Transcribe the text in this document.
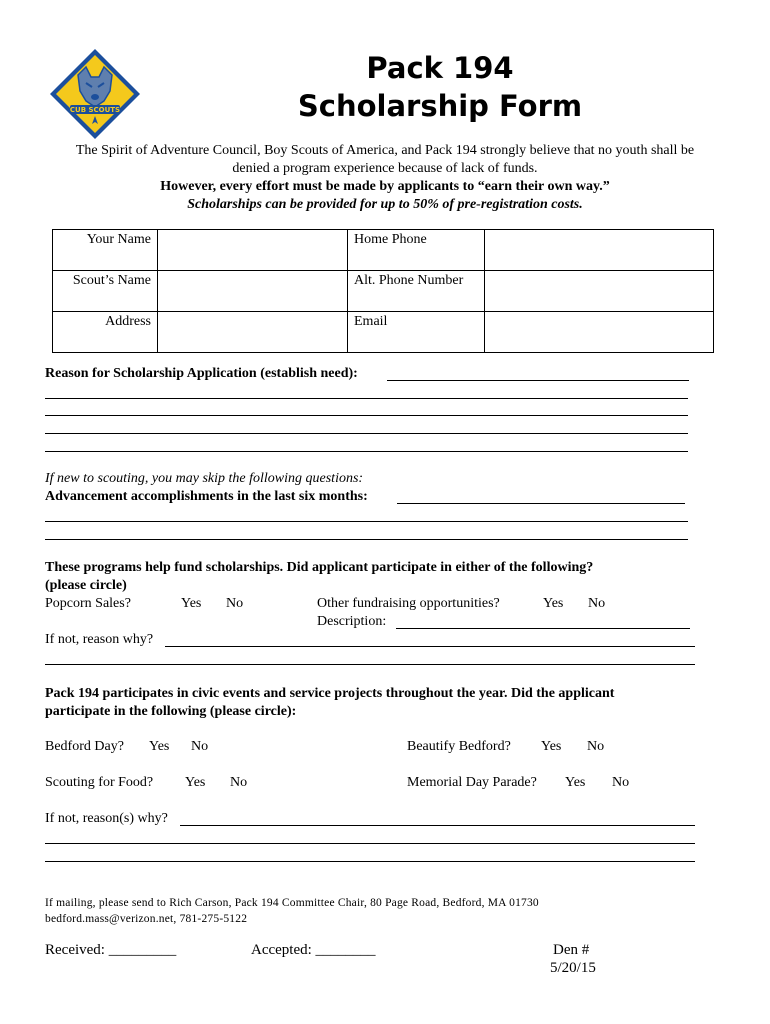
CUB SCOUTS
Pack 194
Scholarship Form
The Spirit of Adventure Council, Boy Scouts of America, and Pack 194 strongly believe that no youth shall be
denied a program experience because of lack of funds.
However, every effort must be made by applicants to “earn their own way.”
Scholarships can be provided for up to 50% of pre-registration costs.
Your Name		Home Phone	
Scout’s Name		Alt. Phone Number	
Address		Email	
Reason for Scholarship Application (establish need):
If new to scouting, you may skip the following questions:
Advancement accomplishments in the last six months:
These programs help fund scholarships. Did applicant participate in either of the following?
(please circle)
Popcorn Sales?	Yes No	Other fundraising opportunities?	Yes No
Description:
If not, reason why?
Pack 194 participates in civic events and service projects throughout the year. Did the applicant
participate in the following (please circle):
Bedford Day? Yes No	Beautify Bedford? Yes No
Scouting for Food? Yes No	Memorial Day Parade? Yes No
If not, reason(s) why?
If mailing, please send to Rich Carson, Pack 194 Committee Chair, 80 Page Road, Bedford, MA 01730
bedford.mass@verizon.net, 781-275-5122
Received: _________	Accepted: ________	Den #
5/20/15
